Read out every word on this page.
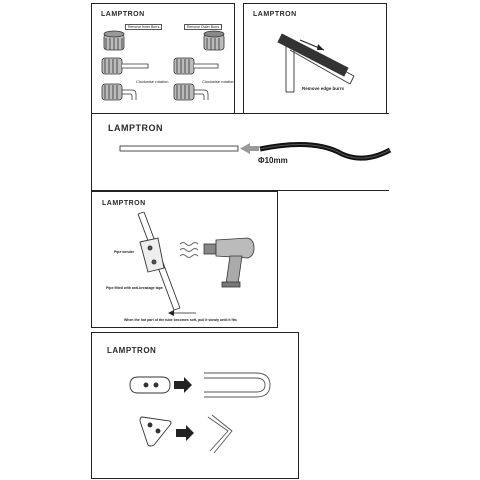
LAMPTRON
Remove Inner Burrs	Remove Outer Burrs
Clockwise rotation	Clockwise rotation
LAMPTRON
Remove edge burrs
LAMPTRON
Φ10mm
LAMPTRON
Pipe bender
Pipe fitted with anti-breakage tape
When the hot part of the tube becomes soft, pull it slowly until it fits
LAMPTRON
